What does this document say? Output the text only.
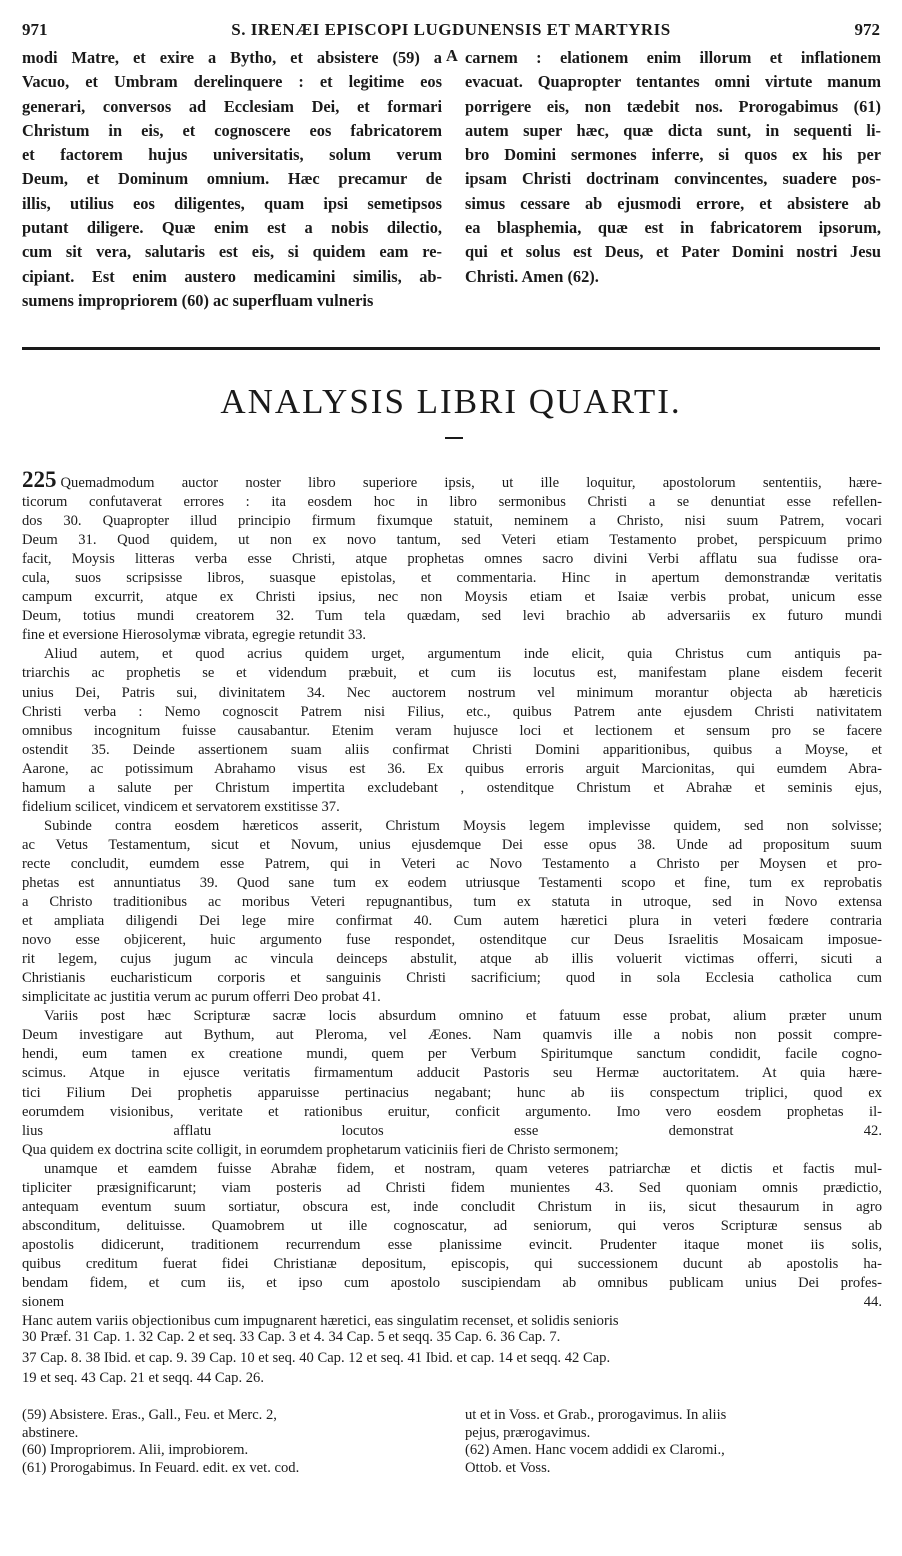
971	S. IRENÆI EPISCOPI LUGDUNENSIS ET MARTYRIS	972
modi Matre, et exire a Bytho, et absistere (59) a
Vacuo, et Umbram derelinquere : et legitime eos
generari, conversos ad Ecclesiam Dei, et formari
Christum in eis, et cognoscere eos fabricatorem
et factorem hujus universitatis, solum verum
Deum, et Dominum omnium. Hæc precamur de
illis, utilius eos diligentes, quam ipsi semetipsos
putant diligere. Quæ enim est a nobis dilectio,
cum sit vera, salutaris est eis, si quidem eam re-
cipiant. Est enim austero medicamini similis, ab-
sumens impropriorem (60) ac superfluam vulneris
A carnem : elationem enim illorum et inflationem
evacuat. Quapropter tentantes omni virtute manum
porrigere eis, non tædebit nos. Prorogabimus (61)
autem super hæc, quæ dicta sunt, in sequenti li-
bro Domini sermones inferre, si quos ex his per
ipsam Christi doctrinam convincentes, suadere pos-
simus cessare ab ejusmodi errore, et absistere ab
ea blasphemia, quæ est in fabricatorem ipsorum,
qui et solus est Deus, et Pater Domini nostri Jesu
Christi. Amen (62).
ANALYSIS LIBRI QUARTI.
225 Quemadmodum auctor noster libro superiore ipsis, ut ille loquitur, apostolorum sententiis, hære-
ticorum confutaverat errores : ita eosdem hoc in libro sermonibus Christi a se denuntiat esse refellen-
dos 30. Quapropter illud principio firmum fixumque statuit, neminem a Christo, nisi suum Patrem, vocari
Deum 31. Quod quidem, ut non ex novo tantum, sed Veteri etiam Testamento probet, perspicuum primo
facit, Moysis litteras verba esse Christi, atque prophetas omnes sacro divini Verbi afflatu sua fudisse ora-
cula, suos scripsisse libros, suasque epistolas, et commentaria. Hinc in apertum demonstrandæ veritatis
campum excurrit, atque ex Christi ipsius, nec non Moysis etiam et Isaiæ verbis probat, unicum esse
Deum, totius mundi creatorem 32. Tum tela quædam, sed levi brachio ab adversariis ex futuro mundi
fine et eversione Hierosolymæ vibrata, egregie retundit 33.
Aliud autem, et quod acrius quidem urget, argumentum inde elicit, quia Christus cum antiquis pa-
triarchis ac prophetis se et videndum præbuit, et cum iis locutus est, manifestam plane eisdem fecerit
unius Dei, Patris sui, divinitatem 34. Nec auctorem nostrum vel minimum morantur objecta ab hæreticis
Christi verba : Nemo cognoscit Patrem nisi Filius, etc., quibus Patrem ante ejusdem Christi nativitatem
omnibus incognitum fuisse causabantur. Etenim veram hujusce loci et lectionem et sensum pro se facere
ostendit 35. Deinde assertionem suam aliis confirmat Christi Domini apparitionibus, quibus a Moyse, et
Aarone, ac potissimum Abrahamo visus est 36. Ex quibus erroris arguit Marcionitas, qui eumdem Abra-
hamum a salute per Christum impertita excludebant , ostenditque Christum et Abrahæ et seminis ejus,
fidelium scilicet, vindicem et servatorem exstitisse 37.
Subinde contra eosdem hæreticos asserit, Christum Moysis legem implevisse quidem, sed non solvisse;
ac Vetus Testamentum, sicut et Novum, unius ejusdemque Dei esse opus 38. Unde ad propositum suum
recte concludit, eumdem esse Patrem, qui in Veteri ac Novo Testamento a Christo per Moysen et pro-
phetas est annuntiatus 39. Quod sane tum ex eodem utriusque Testamenti scopo et fine, tum ex reprobatis
a Christo traditionibus ac moribus Veteri repugnantibus, tum ex statuta in utroque, sed in Novo extensa
et ampliata diligendi Dei lege mire confirmat 40. Cum autem hæretici plura in veteri fœdere contraria
novo esse objicerent, huic argumento fuse respondet, ostenditque cur Deus Israelitis Mosaicam imposue-
rit legem, cujus jugum ac vincula deinceps abstulit, atque ab illis voluerit victimas offerri, sicuti a
Christianis eucharisticum corporis et sanguinis Christi sacrificium; quod in sola Ecclesia catholica cum
simplicitate ac justitia verum ac purum offerri Deo probat 41.
Variis post hæc Scripturæ sacræ locis absurdum omnino et fatuum esse probat, alium præter unum
Deum investigare aut Bythum, aut Pleroma, vel Æones. Nam quamvis ille a nobis non possit compre-
hendi, eum tamen ex creatione mundi, quem per Verbum Spiritumque sanctum condidit, facile cogno-
scimus. Atque in ejusce veritatis firmamentum adducit Pastoris seu Hermæ auctoritatem. At quia hære-
tici Filium Dei prophetis apparuisse pertinacius negabant; hunc ab iis conspectum triplici, quod ex
eorumdem visionibus, veritate et rationibus eruitur, conficit argumento. Imo vero eosdem prophetas il-
lius afflatu locutos esse demonstrat 42.
Qua quidem ex doctrina scite colligit, in eorumdem prophetarum vaticiniis fieri de Christo sermonem;
unamque et eamdem fuisse Abrahæ fidem, et nostram, quam veteres patriarchæ et dictis et factis mul-
tipliciter præsignificarunt; viam posteris ad Christi fidem munientes 43. Sed quoniam omnis prædictio,
antequam eventum suum sortiatur, obscura est, inde concludit Christum in iis, sicut thesaurum in agro
absconditum, delituisse. Quamobrem ut ille cognoscatur, ad seniorum, qui veros Scripturæ sensus ab
apostolis didicerunt, traditionem recurrendum esse planissime evincit. Prudenter itaque monet iis solis,
quibus creditum fuerat fidei Christianæ depositum, episcopis, qui successionem ducunt ab apostolis ha-
bendam fidem, et cum iis, et ipso cum apostolo suscipiendam ab omnibus publicam unius Dei profes-
sionem 44.
Hanc autem variis objectionibus cum impugnarent hæretici, eas singulatim recenset, et solidis senioris
30 Præf. 31 Cap. 1. 32 Cap. 2 et seq. 33 Cap. 3 et 4. 34 Cap. 5 et seqq. 35 Cap. 6. 36 Cap. 7.
37 Cap. 8. 38 Ibid. et cap. 9. 39 Cap. 10 et seq. 40 Cap. 12 et seq. 41 Ibid. et cap. 14 et seqq. 42 Cap.
19 et seq. 43 Cap. 21 et seqq. 44 Cap. 26.
(59) Absistere. Eras., Gall., Feu. et Merc. 2,
abstinere.
(60) Impropriorem. Alii, improbiorem.
(61) Prorogabimus. In Feuard. edit. ex vet. cod.
ut et in Voss. et Grab., prorogavimus. In aliis
pejus, prærogavimus.
(62) Amen. Hanc vocem addidi ex Claromi.,
Ottob. et Voss.
